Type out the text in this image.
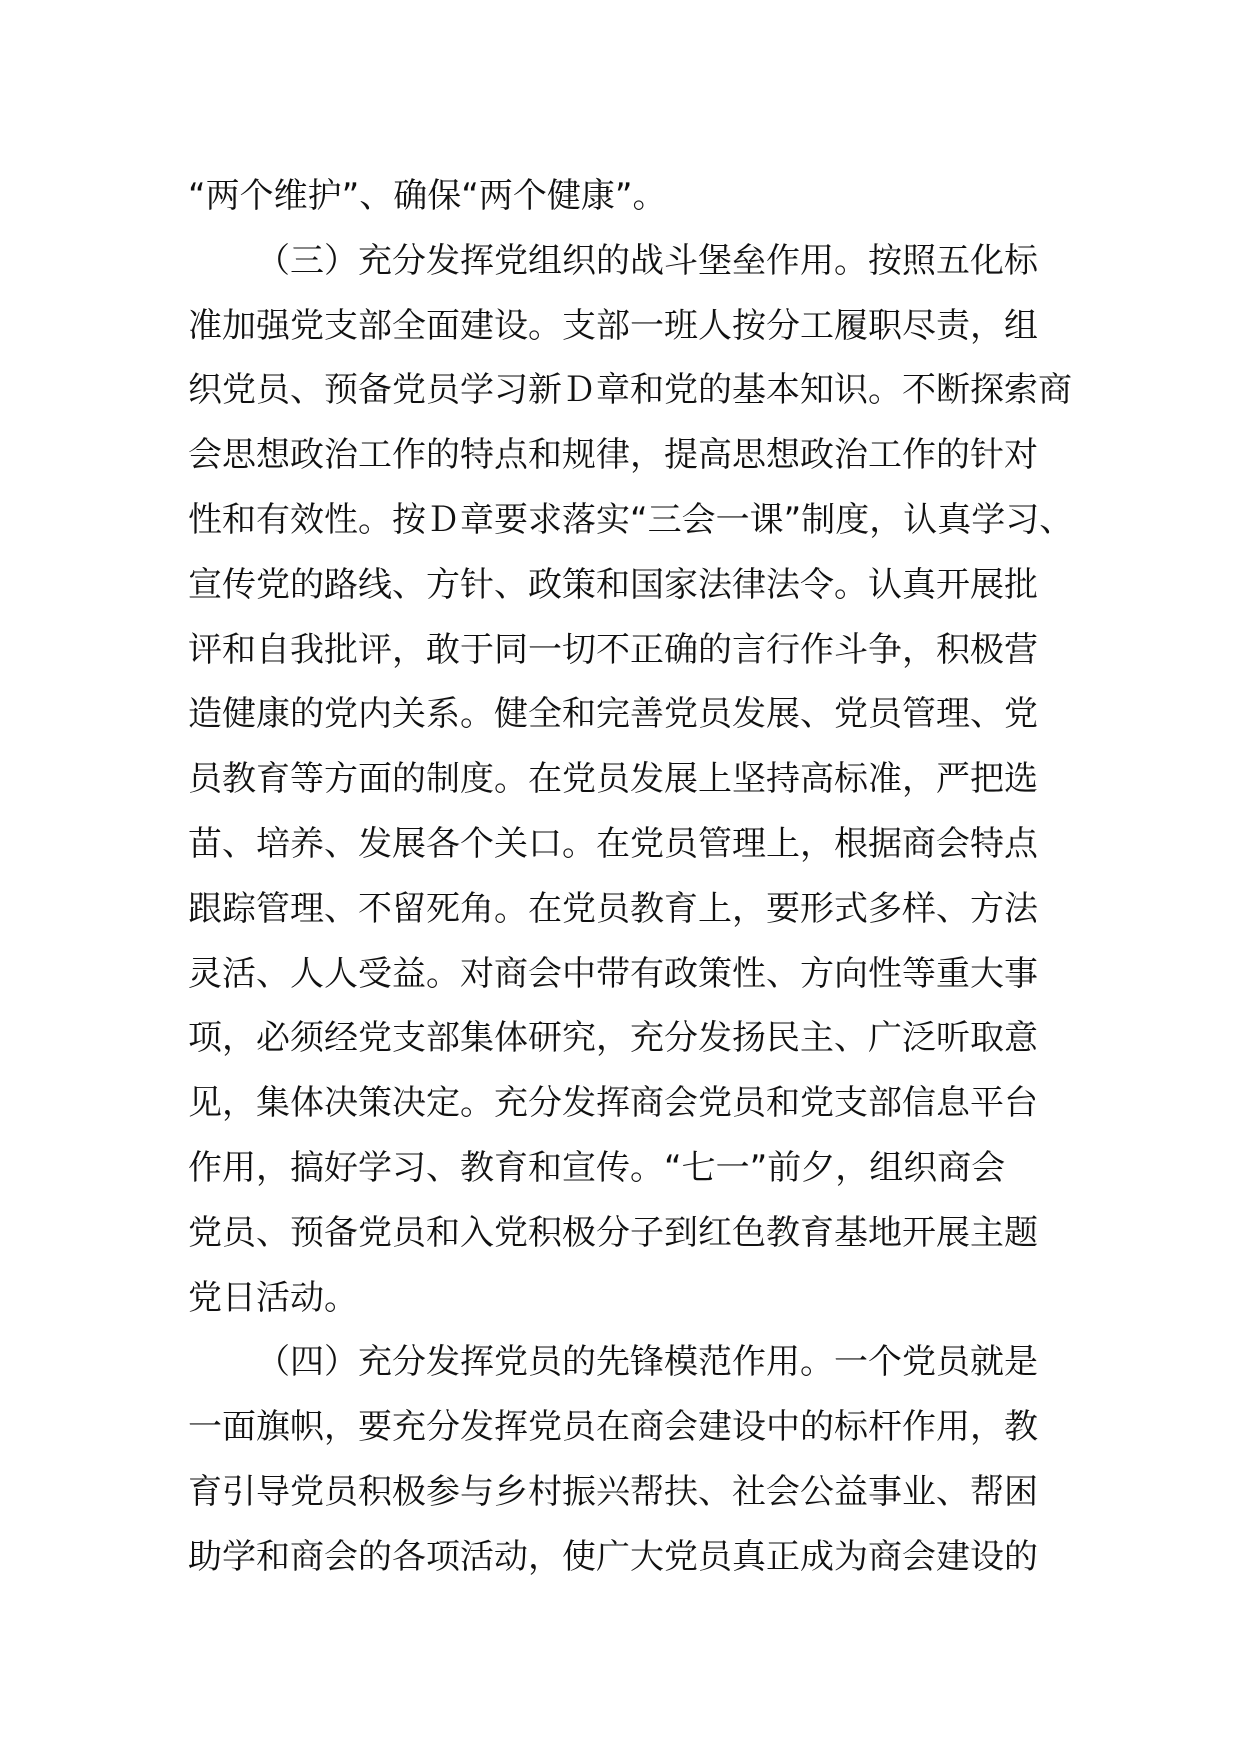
“两个维护”、确保“两个健康”。
（三）充分发挥党组织的战斗堡垒作用。按照五化标
准加强党支部全面建设。支部一班人按分工履职尽责，组
织党员、预备党员学习新Ｄ章和党的基本知识。不断探索商
会思想政治工作的特点和规律，提高思想政治工作的针对
性和有效性。按Ｄ章要求落实“三会一课”制度，认真学习、
宣传党的路线、方针、政策和国家法律法令。认真开展批
评和自我批评，敢于同一切不正确的言行作斗争，积极营
造健康的党内关系。健全和完善党员发展、党员管理、党
员教育等方面的制度。在党员发展上坚持高标准，严把选
苗、培养、发展各个关口。在党员管理上，根据商会特点
跟踪管理、不留死角。在党员教育上，要形式多样、方法
灵活、人人受益。对商会中带有政策性、方向性等重大事
项，必须经党支部集体研究，充分发扬民主、广泛听取意
见，集体决策决定。充分发挥商会党员和党支部信息平台
作用，搞好学习、教育和宣传。“七一”前夕，组织商会
党员、预备党员和入党积极分子到红色教育基地开展主题
党日活动。
（四）充分发挥党员的先锋模范作用。一个党员就是
一面旗帜，要充分发挥党员在商会建设中的标杆作用，教
育引导党员积极参与乡村振兴帮扶、社会公益事业、帮困
助学和商会的各项活动，使广大党员真正成为商会建设的
